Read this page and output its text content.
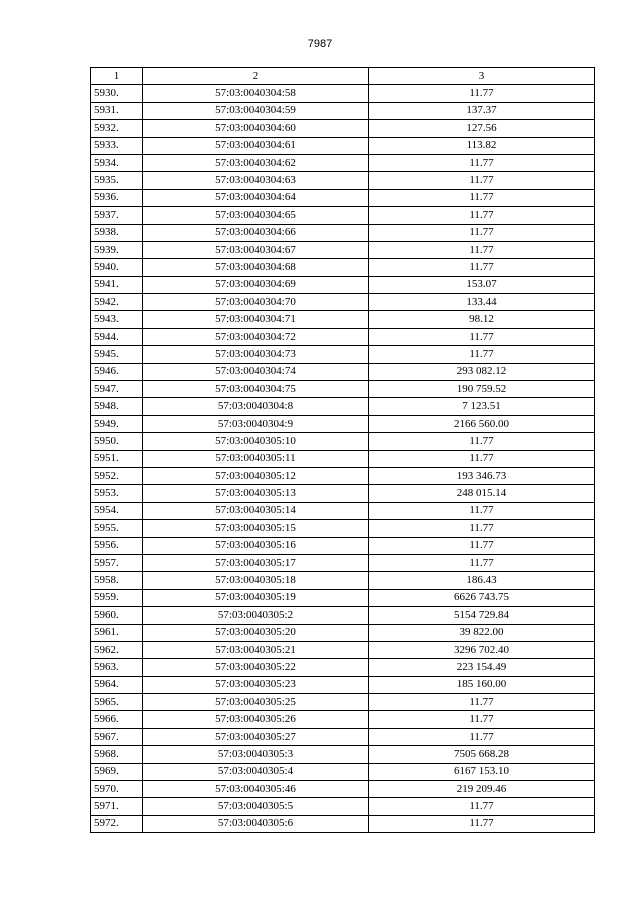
7987
1	2	3
5930.	57:03:0040304:58	11.77
5931.	57:03:0040304:59	137.37
5932.	57:03:0040304:60	127.56
5933.	57:03:0040304:61	113.82
5934.	57:03:0040304:62	11.77
5935.	57:03:0040304:63	11.77
5936.	57:03:0040304:64	11.77
5937.	57:03:0040304:65	11.77
5938.	57:03:0040304:66	11.77
5939.	57:03:0040304:67	11.77
5940.	57:03:0040304:68	11.77
5941.	57:03:0040304:69	153.07
5942.	57:03:0040304:70	133.44
5943.	57:03:0040304:71	98.12
5944.	57:03:0040304:72	11.77
5945.	57:03:0040304:73	11.77
5946.	57:03:0040304:74	293 082.12
5947.	57:03:0040304:75	190 759.52
5948.	57:03:0040304:8	7 123.51
5949.	57:03:0040304:9	2166 560.00
5950.	57:03:0040305:10	11.77
5951.	57:03:0040305:11	11.77
5952.	57:03:0040305:12	193 346.73
5953.	57:03:0040305:13	248 015.14
5954.	57:03:0040305:14	11.77
5955.	57:03:0040305:15	11.77
5956.	57:03:0040305:16	11.77
5957.	57:03:0040305:17	11.77
5958.	57:03:0040305:18	186.43
5959.	57:03:0040305:19	6626 743.75
5960.	57:03:0040305:2	5154 729.84
5961.	57:03:0040305:20	39 822.00
5962.	57:03:0040305:21	3296 702.40
5963.	57:03:0040305:22	223 154.49
5964.	57:03:0040305:23	185 160.00
5965.	57:03:0040305:25	11.77
5966.	57:03:0040305:26	11.77
5967.	57:03:0040305:27	11.77
5968.	57:03:0040305:3	7505 668.28
5969.	57:03:0040305:4	6167 153.10
5970.	57:03:0040305:46	219 209.46
5971.	57:03:0040305:5	11.77
5972.	57:03:0040305:6	11.77
